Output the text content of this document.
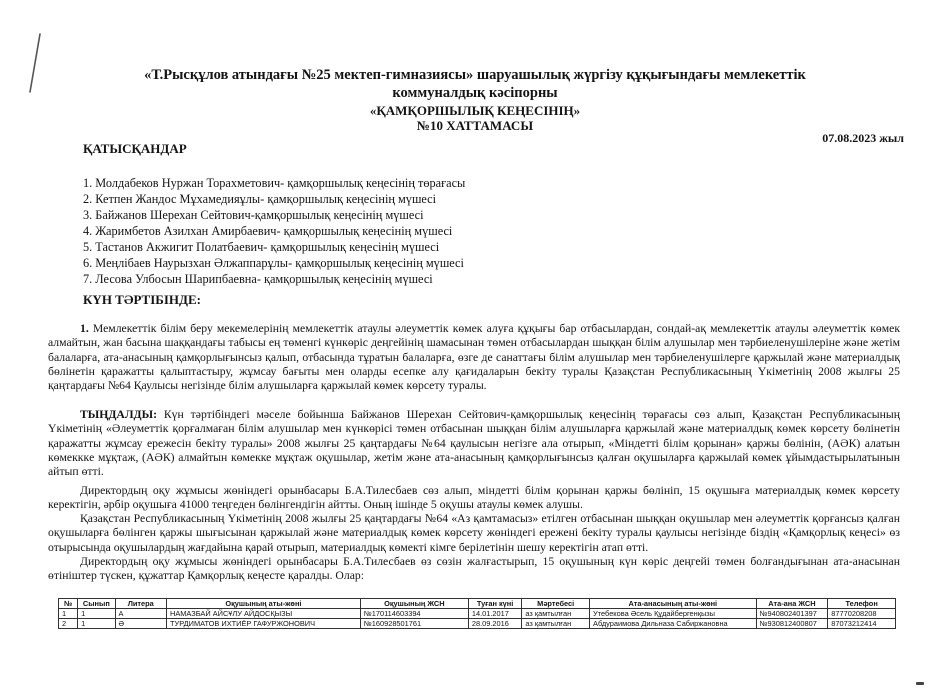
«Т.Рысқұлов атындағы №25 мектеп-гимназиясы» шаруашылық жүргізу құқығындағы мемлекеттік
коммуналдық кәсіпорны
«ҚАМҚОРШЫЛЫҚ КЕҢЕСІНІҢ»
№10 ХАТТАМАСЫ
07.08.2023 жыл
ҚАТЫСҚАНДАР
1. Молдабеков Нуржан Торахметович- қамқоршылық кеңесінің төрағасы
2. Кетпен Жандос Мұхамедияұлы- қамқоршылық кеңесінің мүшесі
3. Байжанов Шерехан Сейтович-қамқоршылық кеңесінің мүшесі
4. Жаримбетов Азилхан Амирбаевич- қамқоршылық кеңесінің мүшесі
5. Тастанов Акжигит Полатбаевич- қамқоршылық кеңесінің мүшесі
6. Меңлібаев Наурызхан Әлжаппарұлы- қамқоршылық кеңесінің мүшесі
7. Лесова Улбосын Шарипбаевна- қамқоршылық кеңесінің мүшесі
КҮН ТӘРТІБІНДЕ:

1. Мемлекеттік білім беру мекемелерінің мемлекеттік атаулы әлеуметтік көмек алуға құқығы бар отбасылардан, сондай-ақ мемлекеттік атаулы әлеуметтік көмек алмайтын, жан басына шаққандағы табысы ең төменгі күнкөріс деңгейінің шамасынан төмен отбасылардан шыққан білім алушылар мен тәрбиеленушілеріне және жетім балаларға, ата-анасының қамқорлығынсыз қалып, отбасында тұратын балаларға, өзге де санаттағы білім алушылар мен тәрбиеленушілерге қаржылай және материалдық бөлінетін қаражатты қалыптастыру, жұмсау бағыты мен оларды есепке алу қағидаларын бекіту туралы Қазақстан Республикасының Үкіметінің 2008 жылғы 25 қаңтардағы №64 Қаулысы негізінде білім алушыларға қаржылай көмек көрсету туралы.

ТЫҢДАЛДЫ: Күн тәртібіндегі мәселе бойынша Байжанов Шерехан Сейтович-қамқоршылық кеңесінің төрағасы сөз алып, Қазақстан Республикасының Үкіметінің «Әлеуметтік қорғалмаған білім алушылар мен күнкөрісі төмен отбасынан шыққан білім алушыларға қаржылай және материалдық көмек көрсету бөлінетін қаражатты жұмсау ережесін бекіту туралы» 2008 жылғы 25 қаңтардағы №64 қаулысын негізге ала отырып, «Міндетті білім қорынан» қаржы бөлінін, (АӘК) алатын көмекккe мұқтаж, (АӘК) алмайтын көмекке мұқтаж оқушылар, жетім және ата-анасының қамқорлығынсыз қалған оқушыларға қаржылай көмек ұйымдастырылатынын айтып өтті.

Директордың оқу жұмысы жөніндегі орынбасары Б.А.Тилесбаев сөз алып, міндетті білім қорынан қаржы бөлініп, 15 оқушыға материалдық көмек көрсету керектігін, әрбір оқушыға 41000 теңгеден бөлінгендігін айтты. Оның ішінде 5 оқушы атаулы көмек алушы.

Қазақстан Республикасының Үкіметінің 2008 жылғы 25 қаңтардағы №64 «Аз қамтамасыз» етілген отбасынан шыққан оқушылар мен әлеуметтік қорғансыз қалған оқушыларға бөлінген қаржы шығысынан қаржылай және материалдық көмек көрсету жөніндегі ережені бекіту туралы қаулысы негізінде біздің «Қамқорлық кеңесі» өз отырысында оқушылардың жағдайына қарай отырып, материалдық көмекті кімге берілетінін шешу керектігін атап өтті.

Директордың оқу жұмысы жөніндегі орынбасары Б.А.Тилесбаев өз сөзін жалғастырып, 15 оқушының күн көріс деңгейі төмен болғандығынан ата-анасынан өтініштер түскен, құжаттар Қамқорлық кеңесте қаралды. Олар:

№	Сынып	Литера	Оқушының аты-жөні	Оқушының ЖСН	Туған күні	Мәртебесі	Ата-анасының аты-жөні	Ата-ана ЖСН	Телефон
1	1	А	НАМАЗБАЙ АЙСҰЛУ АЙДОСҚЫЗЫ	№170114603394	14.01.2017	аз қамтылған	Утебекова Әсель Құдайбергенқызы	№940802401397	87770208208
2	1	Ә	ТУРДИМАТОВ ИХТИЁР ГАФУРЖОНОВИЧ	№160928501761	28.09.2016	аз қамтылған	Абдураимова Дильназа Сабиржановна	№930812400807	87073212414
